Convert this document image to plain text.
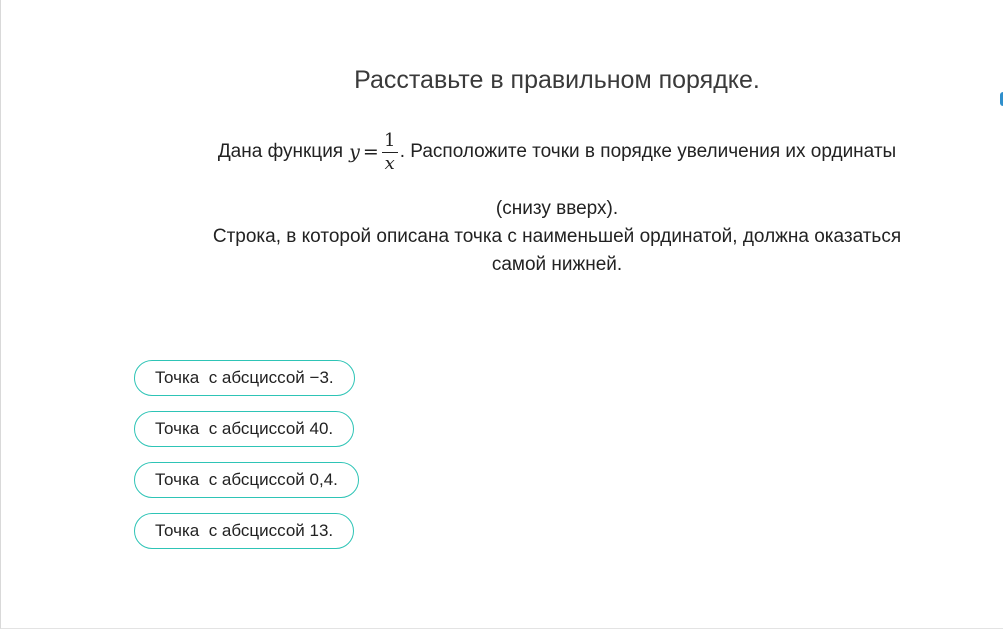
Расставьте в правильном порядке.
Дана функция $y = \frac{1}{x}$ . Расположите точки в порядке увеличения их ординаты
(снизу вверх).
Строка, в которой описана точка с наименьшей ординатой, должна оказаться
самой нижней.
Точка  с абсциссой −3.
Точка  с абсциссой 40.
Точка  с абсциссой 0,4.
Точка  с абсциссой 13.
